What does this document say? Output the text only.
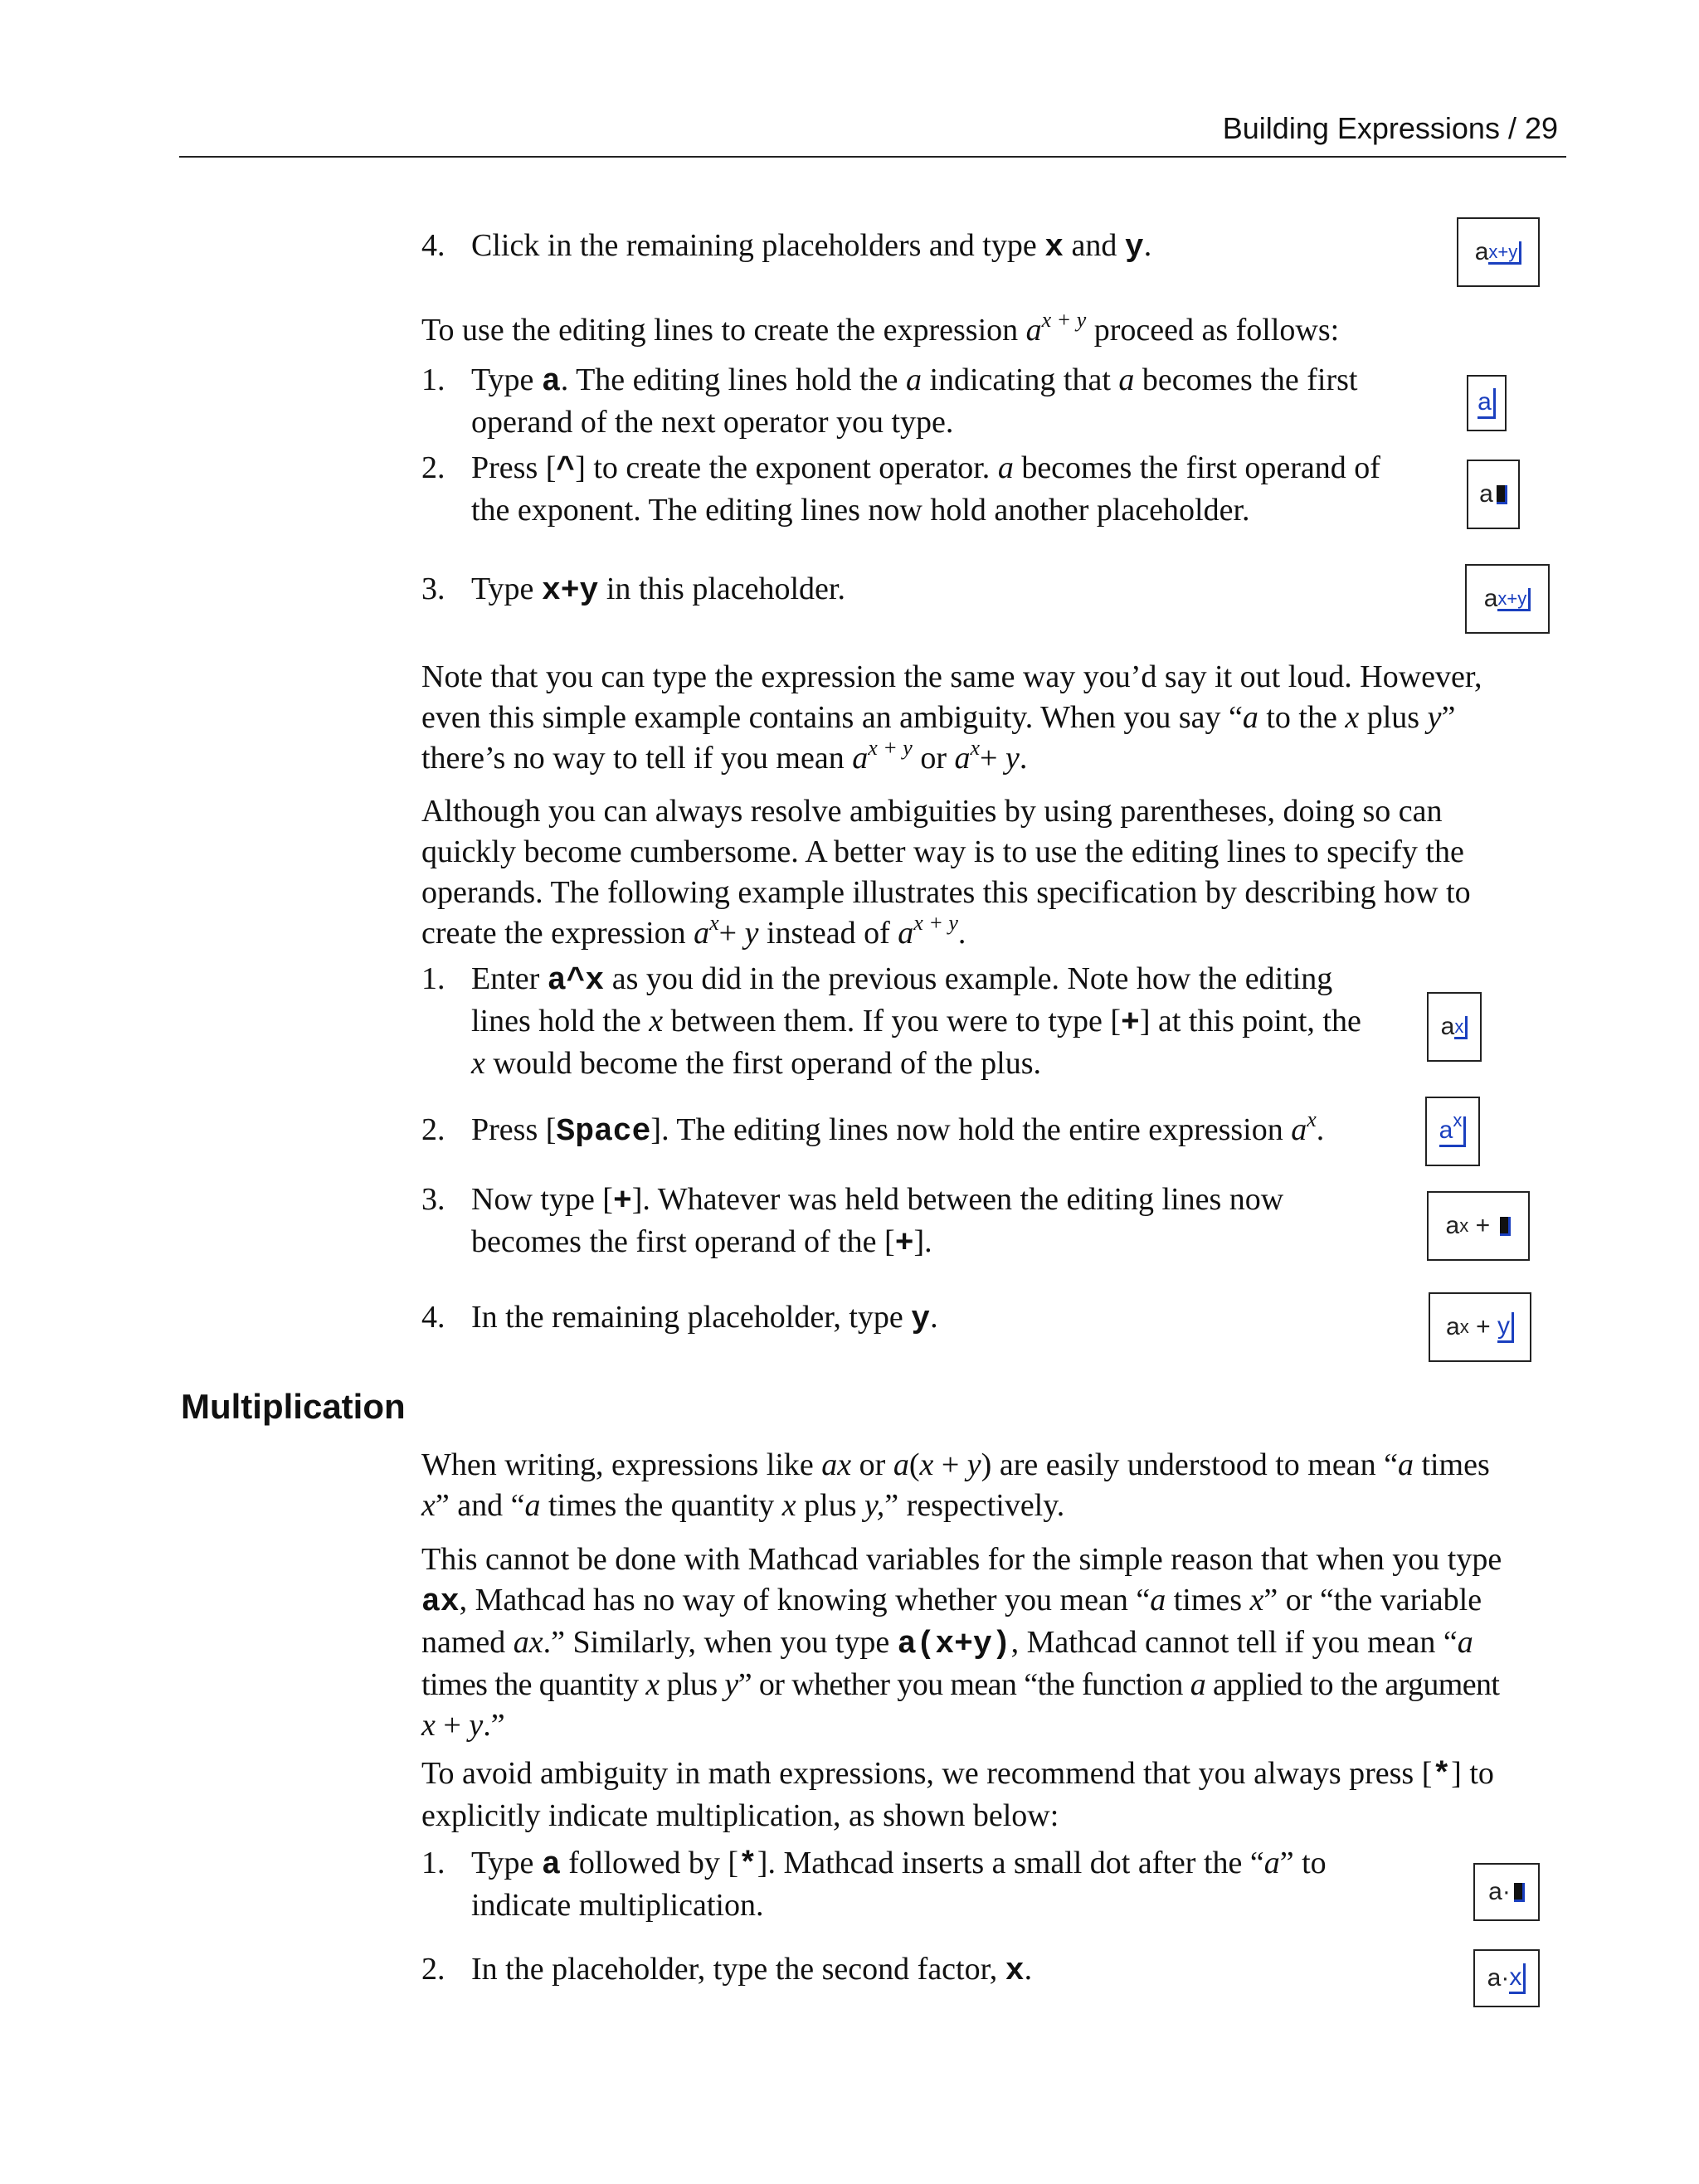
Building Expressions / 29
4. Click in the remaining placeholders and type x and y.
To use the editing lines to create the expression $a^{x + y}$ proceed as follows:
1. Type a. The editing lines hold the a indicating that a becomes the first
operand of the next operator you type.
2. Press [^] to create the exponent operator. a becomes the first operand of
the exponent. The editing lines now hold another placeholder.
3. Type x+y in this placeholder.
Note that you can type the expression the same way you’d say it out loud. However,
even this simple example contains an ambiguity. When you say “a to the x plus y”
there’s no way to tell if you mean $a^{x + y}$ or $a^x+ y$.
Although you can always resolve ambiguities by using parentheses, doing so can
quickly become cumbersome. A better way is to use the editing lines to specify the
operands. The following example illustrates this specification by describing how to
create the expression $a^x+ y$ instead of $a^{x + y}$.
1. Enter a^x as you did in the previous example. Note how the editing
lines hold the x between them. If you were to type [+] at this point, the
x would become the first operand of the plus.
2. Press [Space]. The editing lines now hold the entire expression $a^x$.
3. Now type [+]. Whatever was held between the editing lines now
becomes the first operand of the [+].
4. In the remaining placeholder, type y.
Multiplication
When writing, expressions like ax or a(x + y) are easily understood to mean “a times
x” and “a times the quantity x plus y,” respectively.
This cannot be done with Mathcad variables for the simple reason that when you type
ax, Mathcad has no way of knowing whether you mean “a times x” or “the variable
named ax.” Similarly, when you type a(x+y), Mathcad cannot tell if you mean “a
times the quantity x plus y” or whether you mean “the function a applied to the argument
x + y.”
To avoid ambiguity in math expressions, we recommend that you always press [*] to
explicitly indicate multiplication, as shown below:
1. Type a followed by [*]. Mathcad inserts a small dot after the “a” to
indicate multiplication.
2. In the placeholder, type the second factor, x.
a x+y
a
a
a x+y
a x
$a^x$
a x +
a x + y
a ·
a · x
